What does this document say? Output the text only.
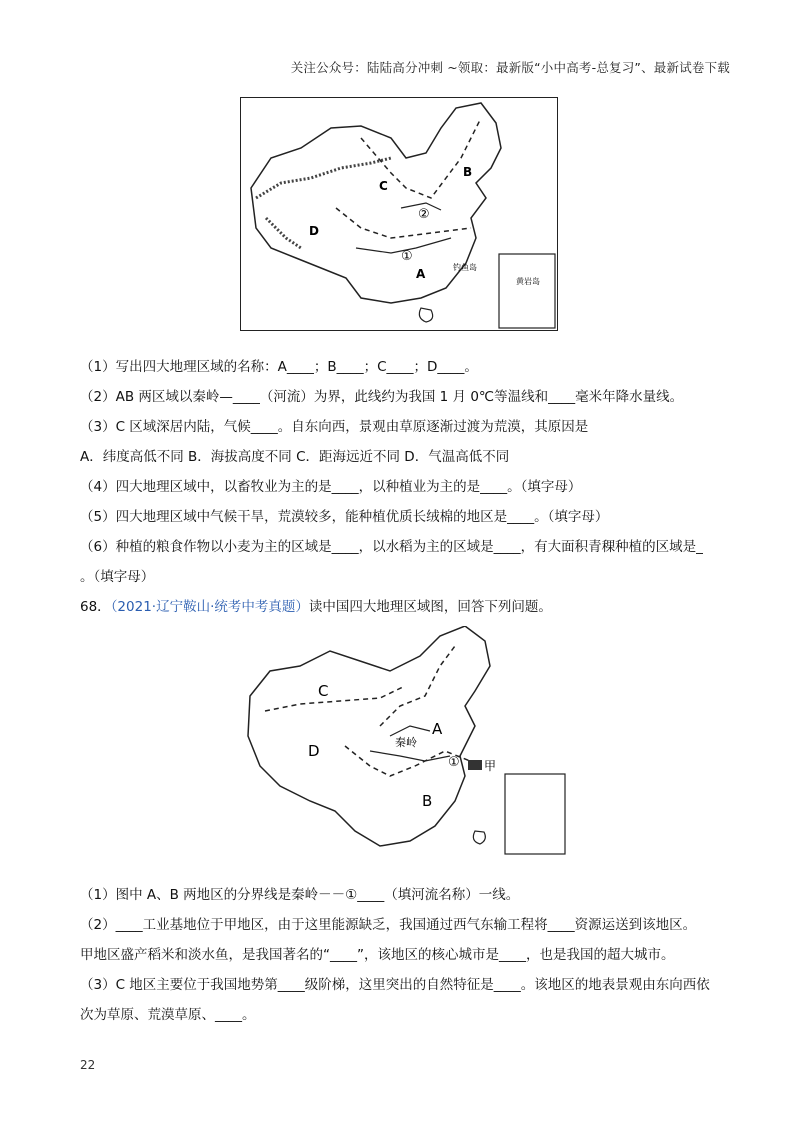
关注公众号：陆陆高分冲刺 ~领取：最新版“小中高考-总复习”、最新试卷下载
A
B
C
D
①
②
钓鱼岛
黄岩岛
（1）写出四大地理区域的名称：A____；B____；C____；D____。
（2）AB 两区域以秦岭—____（河流）为界，此线约为我国 1 月 0℃等温线和____毫米年降水量线。
（3）C 区域深居内陆，气候____。自东向西，景观由草原逐渐过渡为荒漠，其原因是
A．纬度高低不同 B．海拔高度不同 C．距海远近不同 D．气温高低不同
（4）四大地理区域中，以畜牧业为主的是____，以种植业为主的是____。（填字母）
（5）四大地理区域中气候干旱，荒漠较多，能种植优质长绒棉的地区是____。（填字母）
（6）种植的粮食作物以小麦为主的区域是____，以水稻为主的区域是____，有大面积青稞种植的区域是_
。（填字母）
68．（2021·辽宁鞍山·统考中考真题）读中国四大地理区域图，回答下列问题。
A
B
C
D	秦岭
① 甲
（1）图中 A、B 两地区的分界线是秦岭－－①____（填河流名称）一线。
（2）____工业基地位于甲地区，由于这里能源缺乏，我国通过西气东输工程将____资源运送到该地区。
甲地区盛产稻米和淡水鱼，是我国著名的“____”，该地区的核心城市是____，也是我国的超大城市。
（3）C 地区主要位于我国地势第____级阶梯，这里突出的自然特征是____。该地区的地表景观由东向西依
次为草原、荒漠草原、____。
22
